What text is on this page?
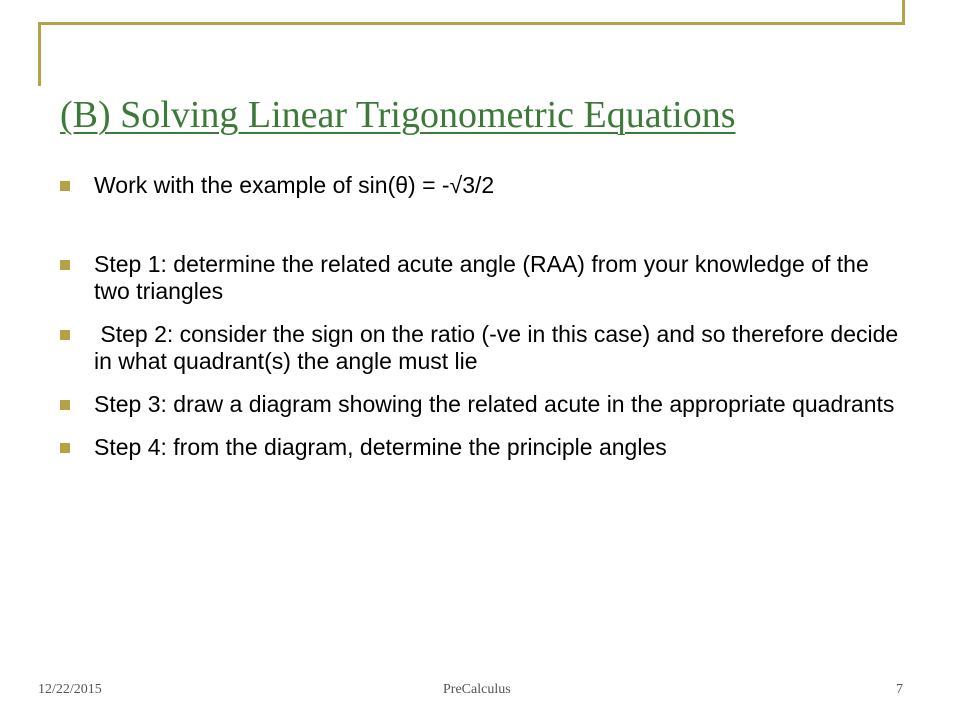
(B) Solving Linear Trigonometric Equations
Work with the example of sin(θ) = -√3/2
Step 1: determine the related acute angle (RAA) from your knowledge of the two triangles
Step 2: consider the sign on the ratio (-ve in this case) and so therefore decide in what quadrant(s) the angle must lie
Step 3: draw a diagram showing the related acute in the appropriate quadrants
Step 4: from the diagram, determine the principle angles
12/22/2015	PreCalculus	7
